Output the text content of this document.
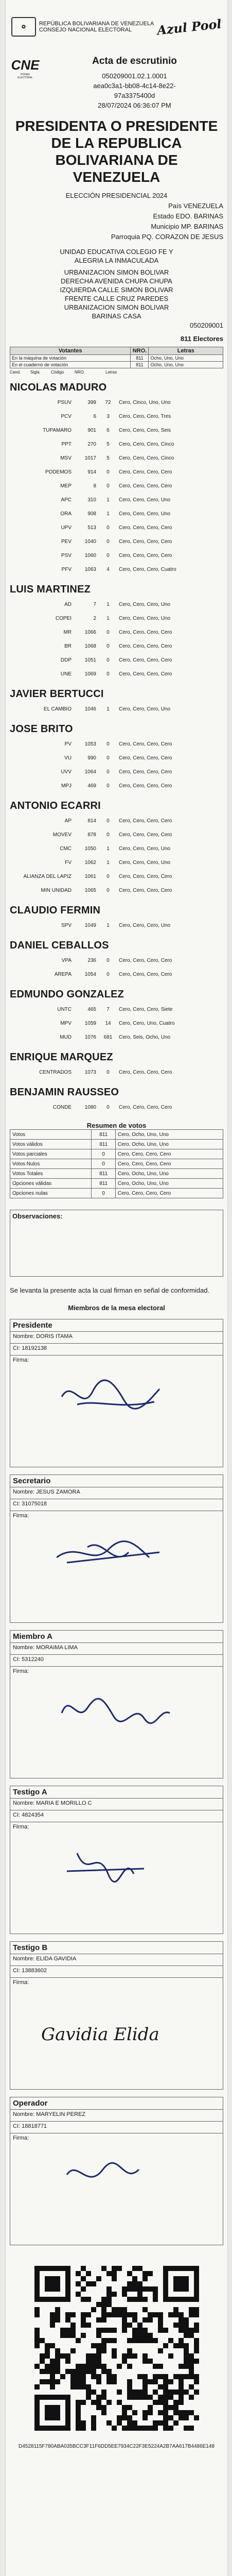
✪	REPÚBLICA BOLIVARIANA DE VENEZUELA
CONSEJO NACIONAL ELECTORAL	Azul Pool
CNE
PODER
ELECTORAL
Acta de escrutinio
050209001.02.1.0001
aea0c3a1-bb08-4c14-8e22-
97a3375400d
28/07/2024 06:36:07 PM
PRESIDENTA O PRESIDENTE DE LA REPUBLICA BOLIVARIANA DE VENEZUELA
ELECCIÓN PRESIDENCIAL 2024
País VENEZUELA
Estado EDO. BARINAS
Municipio MP. BARINAS
Parroquia PQ. CORAZON DE JESUS
UNIDAD EDUCATIVA COLEGIO FE Y
ALEGRIA LA INMACULADA
URBANIZACION SIMON BOLIVAR
DERECHA AVENIDA CHUPA CHUPA
IZQUIERDA CALLE SIMON BOLIVAR
FRENTE CALLE CRUZ PAREDES
URBANIZACION SIMON BOLIVAR
BARINAS CASA
050209001
811 Electores
Votantes	NRO.	Letras
En la máquina de votación	811	Ocho, Uno, Uno
En el cuaderno de votación	811	Ocho, Uno, Uno
Cand.	Sigla	Código	NRO.	Letras
NICOLAS MADURO
PSUV	399	72	Cero, Cinco, Uno, Uno
PCV	6	3	Cero, Cero, Cero, Tres
TUPAMARO	901	6	Cero, Cero, Cero, Seis
PPT	270	5	Cero, Cero, Cero, Cinco
MSV	1017	5	Cero, Cero, Cero, Cinco
PODEMOS	914	0	Cero, Cero, Cero, Cero
MEP	8	0	Cero, Cero, Cero, Cero
APC	310	1	Cero, Cero, Cero, Uno
ORA	908	1	Cero, Cero, Cero, Uno
UPV	513	0	Cero, Cero, Cero, Cero
PEV	1040	0	Cero, Cero, Cero, Cero
PSV	1060	0	Cero, Cero, Cero, Cero
PFV	1063	4	Cero, Cero, Cero, Cuatro
LUIS MARTINEZ
AD	7	1	Cero, Cero, Cero, Uno
COPEI	2	1	Cero, Cero, Cero, Uno
MR	1066	0	Cero, Cero, Cero, Cero
BR	1068	0	Cero, Cero, Cero, Cero
DDP	1051	0	Cero, Cero, Cero, Cero
UNE	1069	0	Cero, Cero, Cero, Cero
JAVIER BERTUCCI
EL CAMBIO	1046	1	Cero, Cero, Cero, Uno
JOSE BRITO
PV	1053	0	Cero, Cero, Cero, Cero
VU	990	0	Cero, Cero, Cero, Cero
UVV	1064	0	Cero, Cero, Cero, Cero
MPJ	469	0	Cero, Cero, Cero, Cero
ANTONIO ECARRI
AP	814	0	Cero, Cero, Cero, Cero
MOVEV	878	0	Cero, Cero, Cero, Cero
CMC	1050	1	Cero, Cero, Cero, Uno
FV	1062	1	Cero, Cero, Cero, Uno
ALIANZA DEL LAPIZ	1061	0	Cero, Cero, Cero, Cero
MIN UNIDAD	1065	0	Cero, Cero, Cero, Cero
CLAUDIO FERMIN
SPV	1049	1	Cero, Cero, Cero, Uno
DANIEL CEBALLOS
VPA	236	0	Cero, Cero, Cero, Cero
AREPA	1054	0	Cero, Cero, Cero, Cero
EDMUNDO GONZALEZ
UNTC	465	7	Cero, Cero, Cero, Siete
MPV	1059	14	Cero, Cero, Uno, Cuatro
MUD	1076	681	Cero, Seis, Ocho, Uno
ENRIQUE MARQUEZ
CENTRADOS	1073	0	Cero, Cero, Cero, Cero
BENJAMIN RAUSSEO
CONDE	1080	0	Cero, Cero, Cero, Cero
Resumen de votos
Votos	811	Cero, Ocho, Uno, Uno
Votos válidos	811	Cero, Ocho, Uno, Uno
Votos parciales	0	Cero, Cero, Cero, Cero
Votos Nulos	0	Cero, Cero, Cero, Cero
Votos Totales	811	Cero, Ocho, Uno, Uno
Opciones válidas	811	Cero, Ocho, Uno, Uno
Opciones nulas	0	Cero, Cero, Cero, Cero
Observaciones:
Se levanta la presente acta la cual firman en señal de conformidad.
Miembros de la mesa electoral
Presidente
Nombre: DORIS ITAMA
CI: 18192138
Firma:
Secretario
Nombre: JESUS ZAMORA
CI: 31075018
Firma:
Miembro A
Nombre: MORAIMA LIMA
CI: 5312240
Firma:
Testigo A
Nombre: MARIA E MORILLO C
CI: 4824354
Firma:
Testigo B
Nombre: ELIDA GAVIDIA
CI: 13883602
Firma:
Gavidia Elida
Operador
Nombre: MARYELIN PEREZ
CI: 18818771
Firma:
D4528115F780ABA035BCC3F11F6DD5EE7934C22F3E5224A2B7AA617B4486E148
